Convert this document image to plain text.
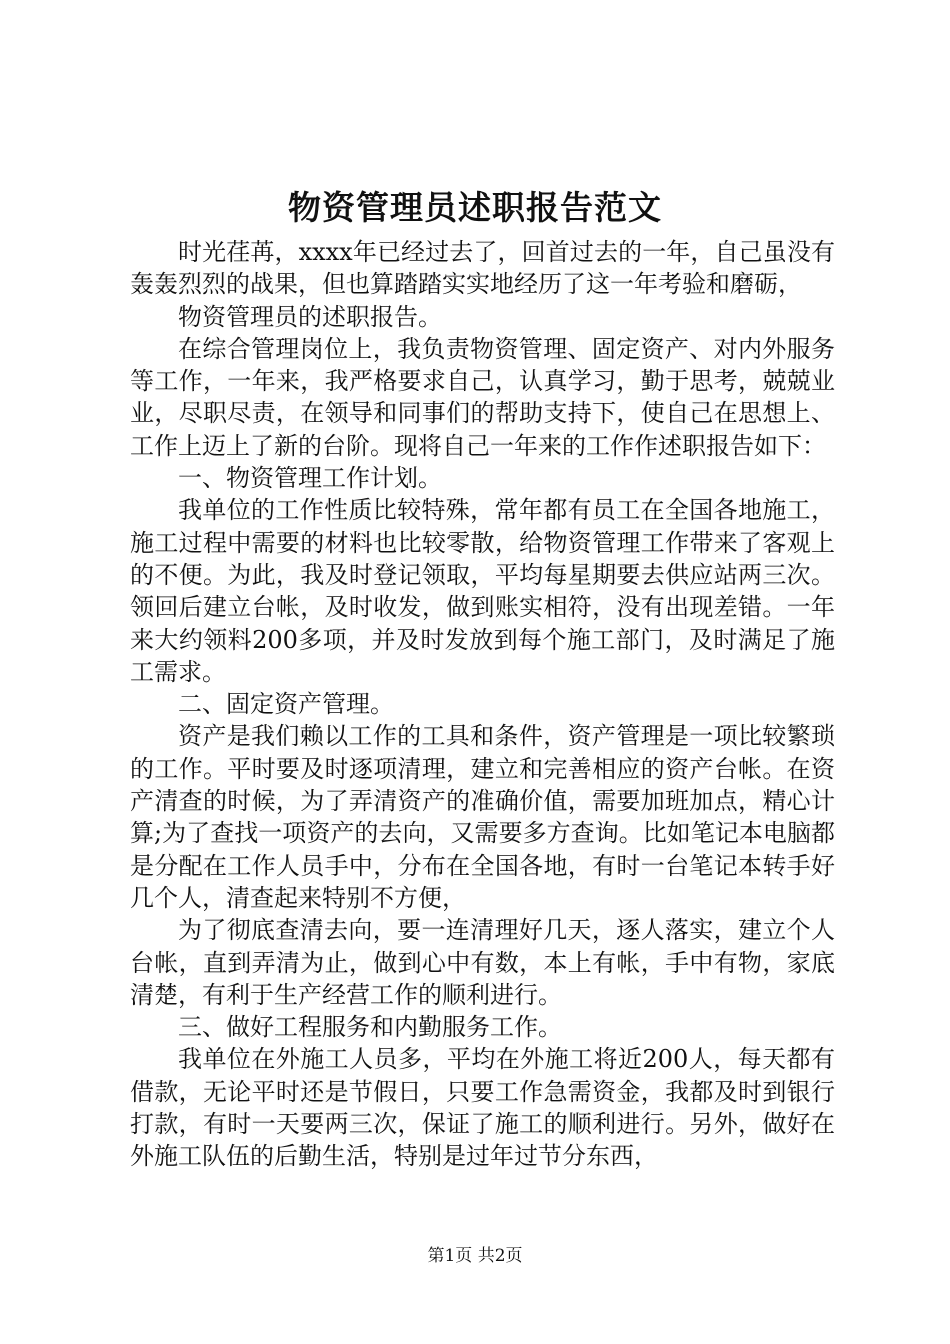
物资管理员述职报告范文

时光荏苒，xxxx年已经过去了，回首过去的一年，自己虽没有轰轰烈烈的战果，但也算踏踏实实地经历了这一年考验和磨砺，

物资管理员的述职报告。

在综合管理岗位上，我负责物资管理、固定资产、对内外服务等工作，一年来，我严格要求自己，认真学习，勤于思考，兢兢业业，尽职尽责，在领导和同事们的帮助支持下，使自己在思想上、工作上迈上了新的台阶。现将自己一年来的工作作述职报告如下：

一、物资管理工作计划。

我单位的工作性质比较特殊，常年都有员工在全国各地施工，施工过程中需要的材料也比较零散，给物资管理工作带来了客观上的不便。为此，我及时登记领取，平均每星期要去供应站两三次。领回后建立台帐，及时收发，做到账实相符，没有出现差错。一年来大约领料200多项，并及时发放到每个施工部门，及时满足了施工需求。

二、固定资产管理。

资产是我们赖以工作的工具和条件，资产管理是一项比较繁琐的工作。平时要及时逐项清理，建立和完善相应的资产台帐。在资产清查的时候，为了弄清资产的准确价值，需要加班加点，精心计算;为了查找一项资产的去向，又需要多方查询。比如笔记本电脑都是分配在工作人员手中，分布在全国各地，有时一台笔记本转手好几个人，清查起来特别不方便，

为了彻底查清去向，要一连清理好几天，逐人落实，建立个人台帐，直到弄清为止，做到心中有数，本上有帐，手中有物，家底清楚，有利于生产经营工作的顺利进行。

三、做好工程服务和内勤服务工作。

我单位在外施工人员多，平均在外施工将近200人，每天都有借款，无论平时还是节假日，只要工作急需资金，我都及时到银行打款，有时一天要两三次，保证了施工的顺利进行。另外，做好在外施工队伍的后勤生活，特别是过年过节分东西，

第1页 共2页
